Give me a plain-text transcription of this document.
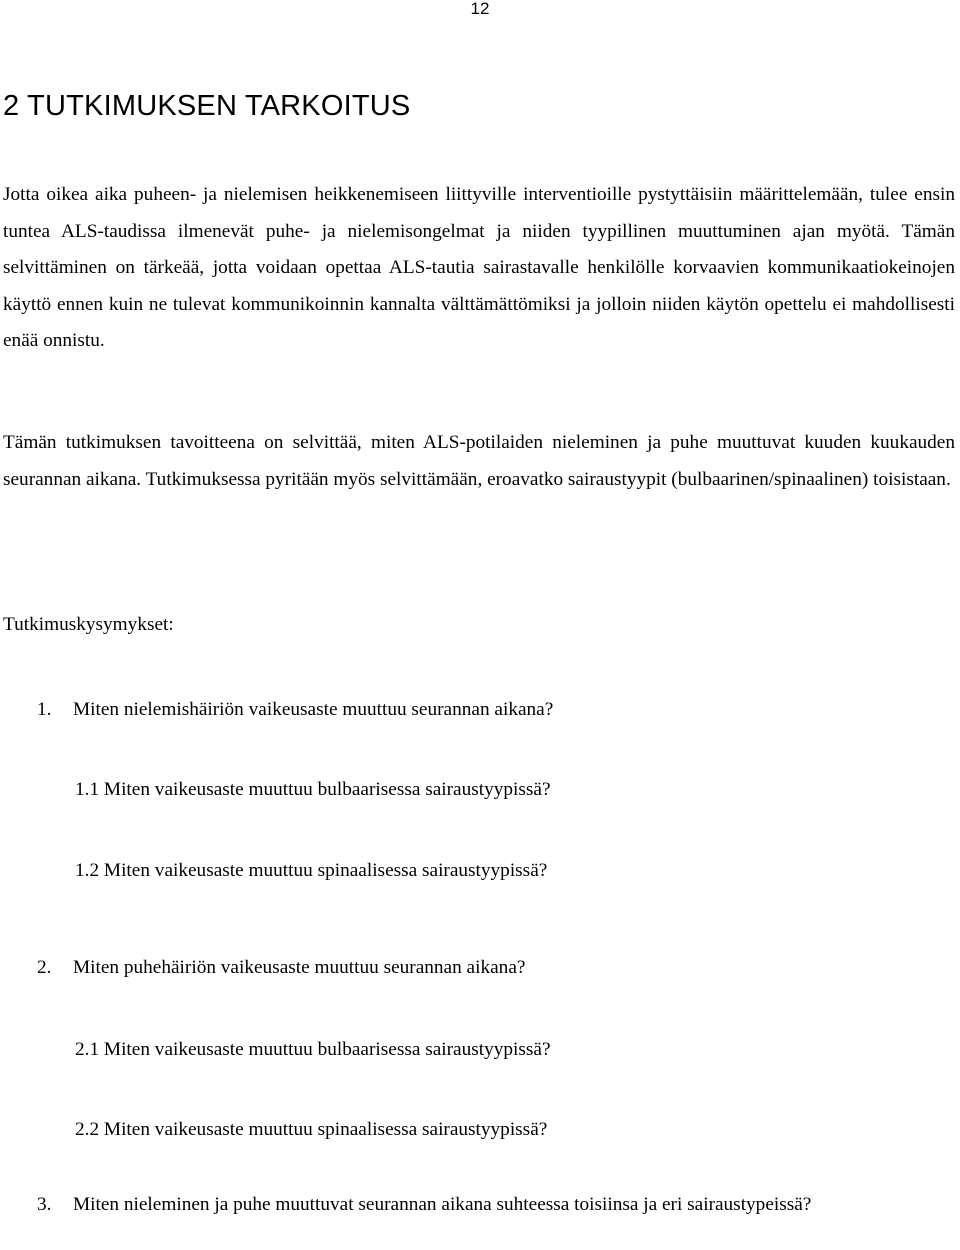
12
2 TUTKIMUKSEN TARKOITUS

Jotta oikea aika puheen- ja nielemisen heikkenemiseen liittyville interventioille pystyttäisiin määrittelemään, tulee ensin tuntea ALS-taudissa ilmenevät puhe- ja nielemisongelmat ja niiden tyypillinen muuttuminen ajan myötä. Tämän selvittäminen on tärkeää, jotta voidaan opettaa ALS-tautia sairastavalle henkilölle korvaavien kommunikaatiokeinojen käyttö ennen kuin ne tulevat kommunikoinnin kannalta välttämättömiksi ja jolloin niiden käytön opettelu ei mahdollisesti enää onnistu.

Tämän tutkimuksen tavoitteena on selvittää, miten ALS-potilaiden nieleminen ja puhe muuttuvat kuuden kuukauden seurannan aikana. Tutkimuksessa pyritään myös selvittämään, eroavatko sairaustyypit (bulbaarinen/spinaalinen) toisistaan.

Tutkimuskysymykset:

1. Miten nielemishäiriön vaikeusaste muuttuu seurannan aikana?

1.1 Miten vaikeusaste muuttuu bulbaarisessa sairaustyypissä?

1.2 Miten vaikeusaste muuttuu spinaalisessa sairaustyypissä?

2. Miten puhehäiriön vaikeusaste muuttuu seurannan aikana?

2.1 Miten vaikeusaste muuttuu bulbaarisessa sairaustyypissä?

2.2 Miten vaikeusaste muuttuu spinaalisessa sairaustyypissä?

3. Miten nieleminen ja puhe muuttuvat seurannan aikana suhteessa toisiinsa ja eri sairaustypeissä?
